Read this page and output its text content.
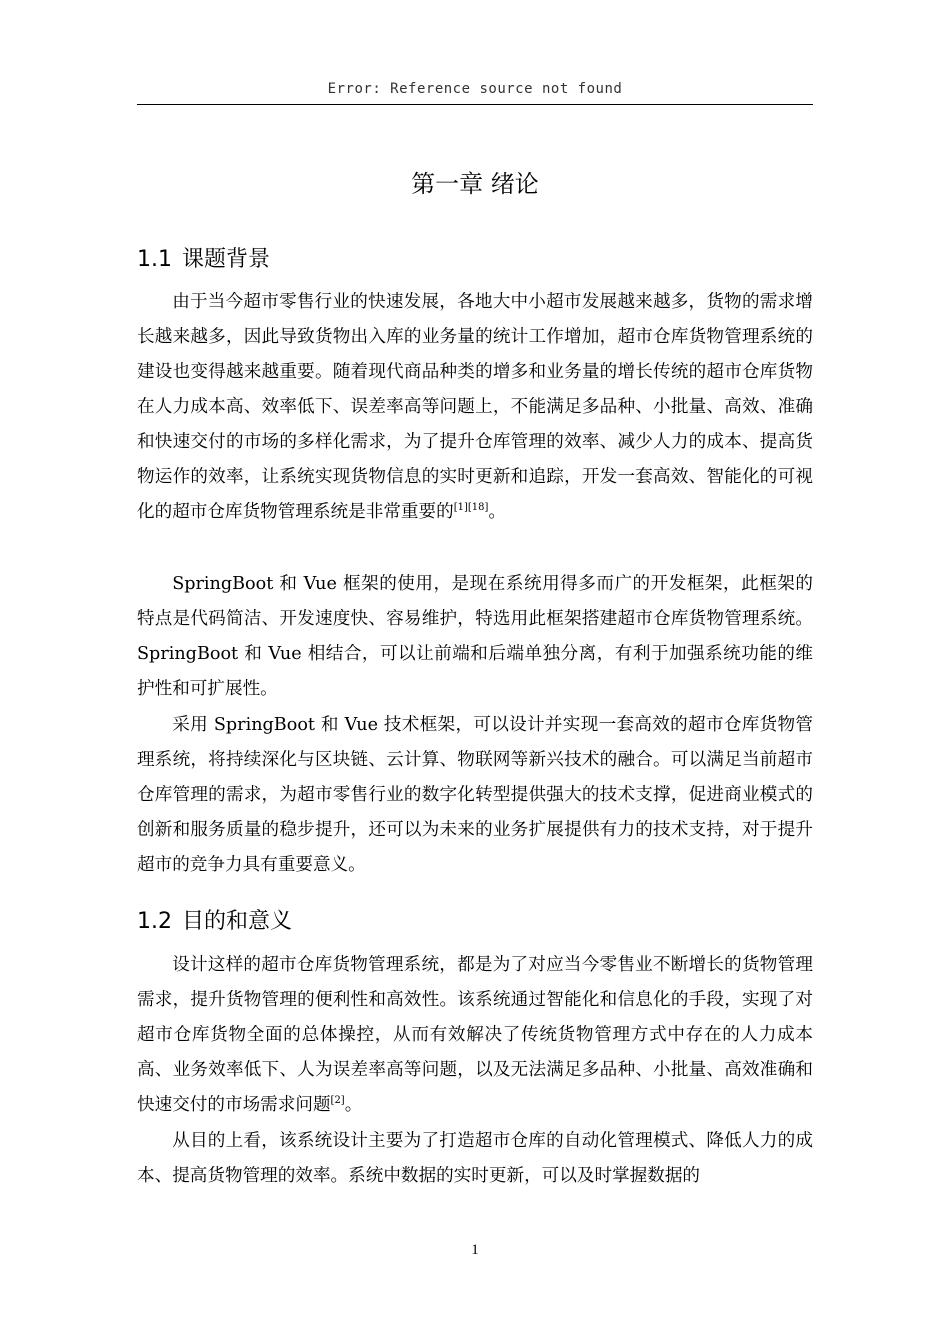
Error: Reference source not found
第一章 绪论
1.1 课题背景

由于当今超市零售行业的快速发展，各地大中小超市发展越来越多，货物的需求增长越来越多，因此导致货物出入库的业务量的统计工作增加，超市仓库货物管理系统的建设也变得越来越重要。随着现代商品种类的增多和业务量的增长传统的超市仓库货物在人力成本高、效率低下、误差率高等问题上，不能满足多品种、小批量、高效、准确和快速交付的市场的多样化需求，为了提升仓库管理的效率、减少人力的成本、提高货物运作的效率，让系统实现货物信息的实时更新和追踪，开发一套高效、智能化的可视化的超市仓库货物管理系统是非常重要的[1][18]。

SpringBoot 和 Vue 框架的使用，是现在系统用得多而广的开发框架，此框架的特点是代码简洁、开发速度快、容易维护，特选用此框架搭建超市仓库货物管理系统。SpringBoot 和 Vue 相结合，可以让前端和后端单独分离，有利于加强系统功能的维护性和可扩展性。

采用 SpringBoot 和 Vue 技术框架，可以设计并实现一套高效的超市仓库货物管理系统，将持续深化与区块链、云计算、物联网等新兴技术的融合。可以满足当前超市仓库管理的需求，为超市零售行业的数字化转型提供强大的技术支撑，促进商业模式的创新和服务质量的稳步提升，还可以为未来的业务扩展提供有力的技术支持，对于提升超市的竞争力具有重要意义。

1.2 目的和意义

设计这样的超市仓库货物管理系统，都是为了对应当今零售业不断增长的货物管理需求，提升货物管理的便利性和高效性。该系统通过智能化和信息化的手段，实现了对超市仓库货物全面的总体操控，从而有效解决了传统货物管理方式中存在的人力成本高、业务效率低下、人为误差率高等问题，以及无法满足多品种、小批量、高效准确和快速交付的市场需求问题[2]。

从目的上看，该系统设计主要为了打造超市仓库的自动化管理模式、降低人力的成本、提高货物管理的效率。系统中数据的实时更新，可以及时掌握数据的

1
